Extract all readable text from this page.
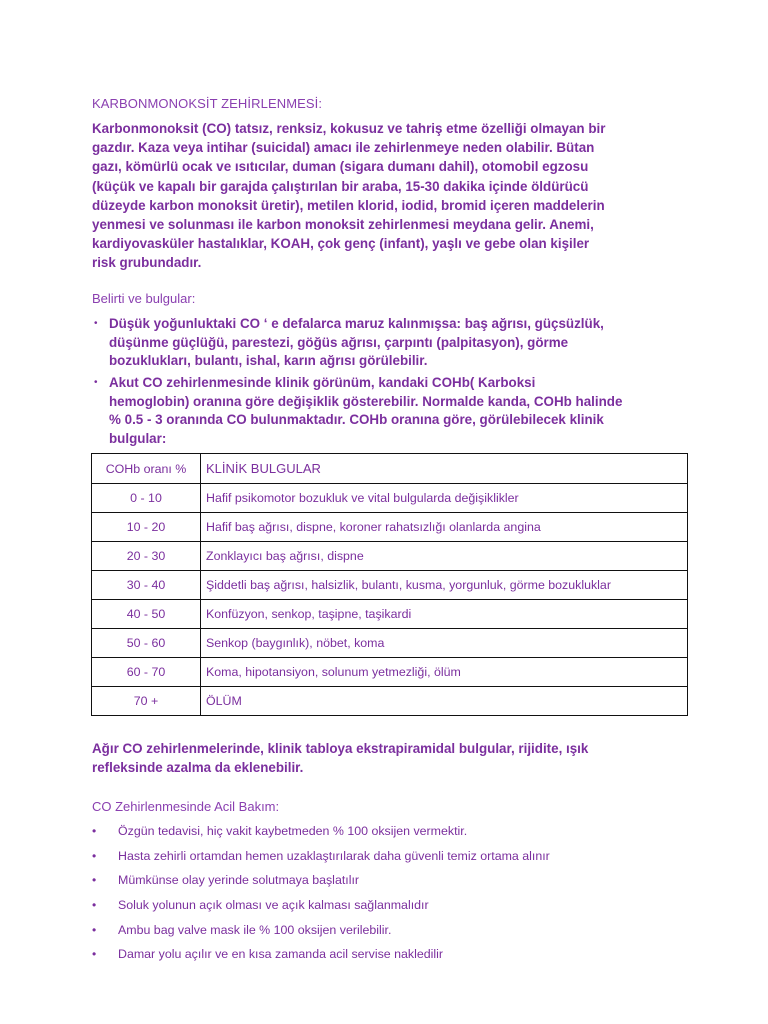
KARBONMONOKSİT ZEHİRLENMESİ:
Karbonmonoksit (CO) tatsız, renksiz, kokusuz ve tahriş etme özelliği olmayan bir
gazdır. Kaza veya intihar (suicidal) amacı ile zehirlenmeye neden olabilir. Bütan
gazı, kömürlü ocak ve ısıtıcılar, duman (sigara dumanı dahil), otomobil egzosu
(küçük ve kapalı bir garajda çalıştırılan bir araba, 15-30 dakika içinde öldürücü
düzeyde karbon monoksit üretir), metilen klorid, iodid, bromid içeren maddelerin
yenmesi ve solunması ile karbon monoksit zehirlenmesi meydana gelir. Anemi,
kardiyovasküler hastalıklar, KOAH, çok genç (infant), yaşlı ve gebe olan kişiler
risk grubundadır.
Belirti ve bulgular:
• Düşük yoğunluktaki CO ‘ e defalarca maruz kalınmışsa: baş ağrısı, güçsüzlük,
düşünme güçlüğü, parestezi, göğüs ağrısı, çarpıntı (palpitasyon), görme
bozuklukları, bulantı, ishal, karın ağrısı görülebilir.
• Akut CO zehirlenmesinde klinik görünüm, kandaki COHb( Karboksi
hemoglobin) oranına göre değişiklik gösterebilir. Normalde kanda, COHb halinde
% 0.5 - 3 oranında CO bulunmaktadır. COHb oranına göre, görülebilecek klinik
bulgular:
COHb oranı %	KLİNİK BULGULAR
0 - 10	Hafif psikomotor bozukluk ve vital bulgularda değişiklikler
10 - 20	Hafif baş ağrısı, dispne, koroner rahatsızlığı olanlarda angina
20 - 30	Zonklayıcı baş ağrısı, dispne
30 - 40	Şiddetli baş ağrısı, halsizlik, bulantı, kusma, yorgunluk, görme bozukluklar
40 - 50	Konfüzyon, senkop, taşipne, taşikardi
50 - 60	Senkop (baygınlık), nöbet, koma
60 - 70	Koma, hipotansiyon, solunum yetmezliği, ölüm
70 +	ÖLÜM
Ağır CO zehirlenmelerinde, klinik tabloya ekstrapiramidal bulgular, rijidite, ışık
refleksinde azalma da eklenebilir.
CO Zehirlenmesinde Acil Bakım:
• Özgün tedavisi, hiç vakit kaybetmeden % 100 oksijen vermektir.
• Hasta zehirli ortamdan hemen uzaklaştırılarak daha güvenli temiz ortama alınır
• Mümkünse olay yerinde solutmaya başlatılır
• Soluk yolunun açık olması ve açık kalması sağlanmalıdır
• Ambu bag valve mask ile % 100 oksijen verilebilir.
• Damar yolu açılır ve en kısa zamanda acil servise nakledilir
